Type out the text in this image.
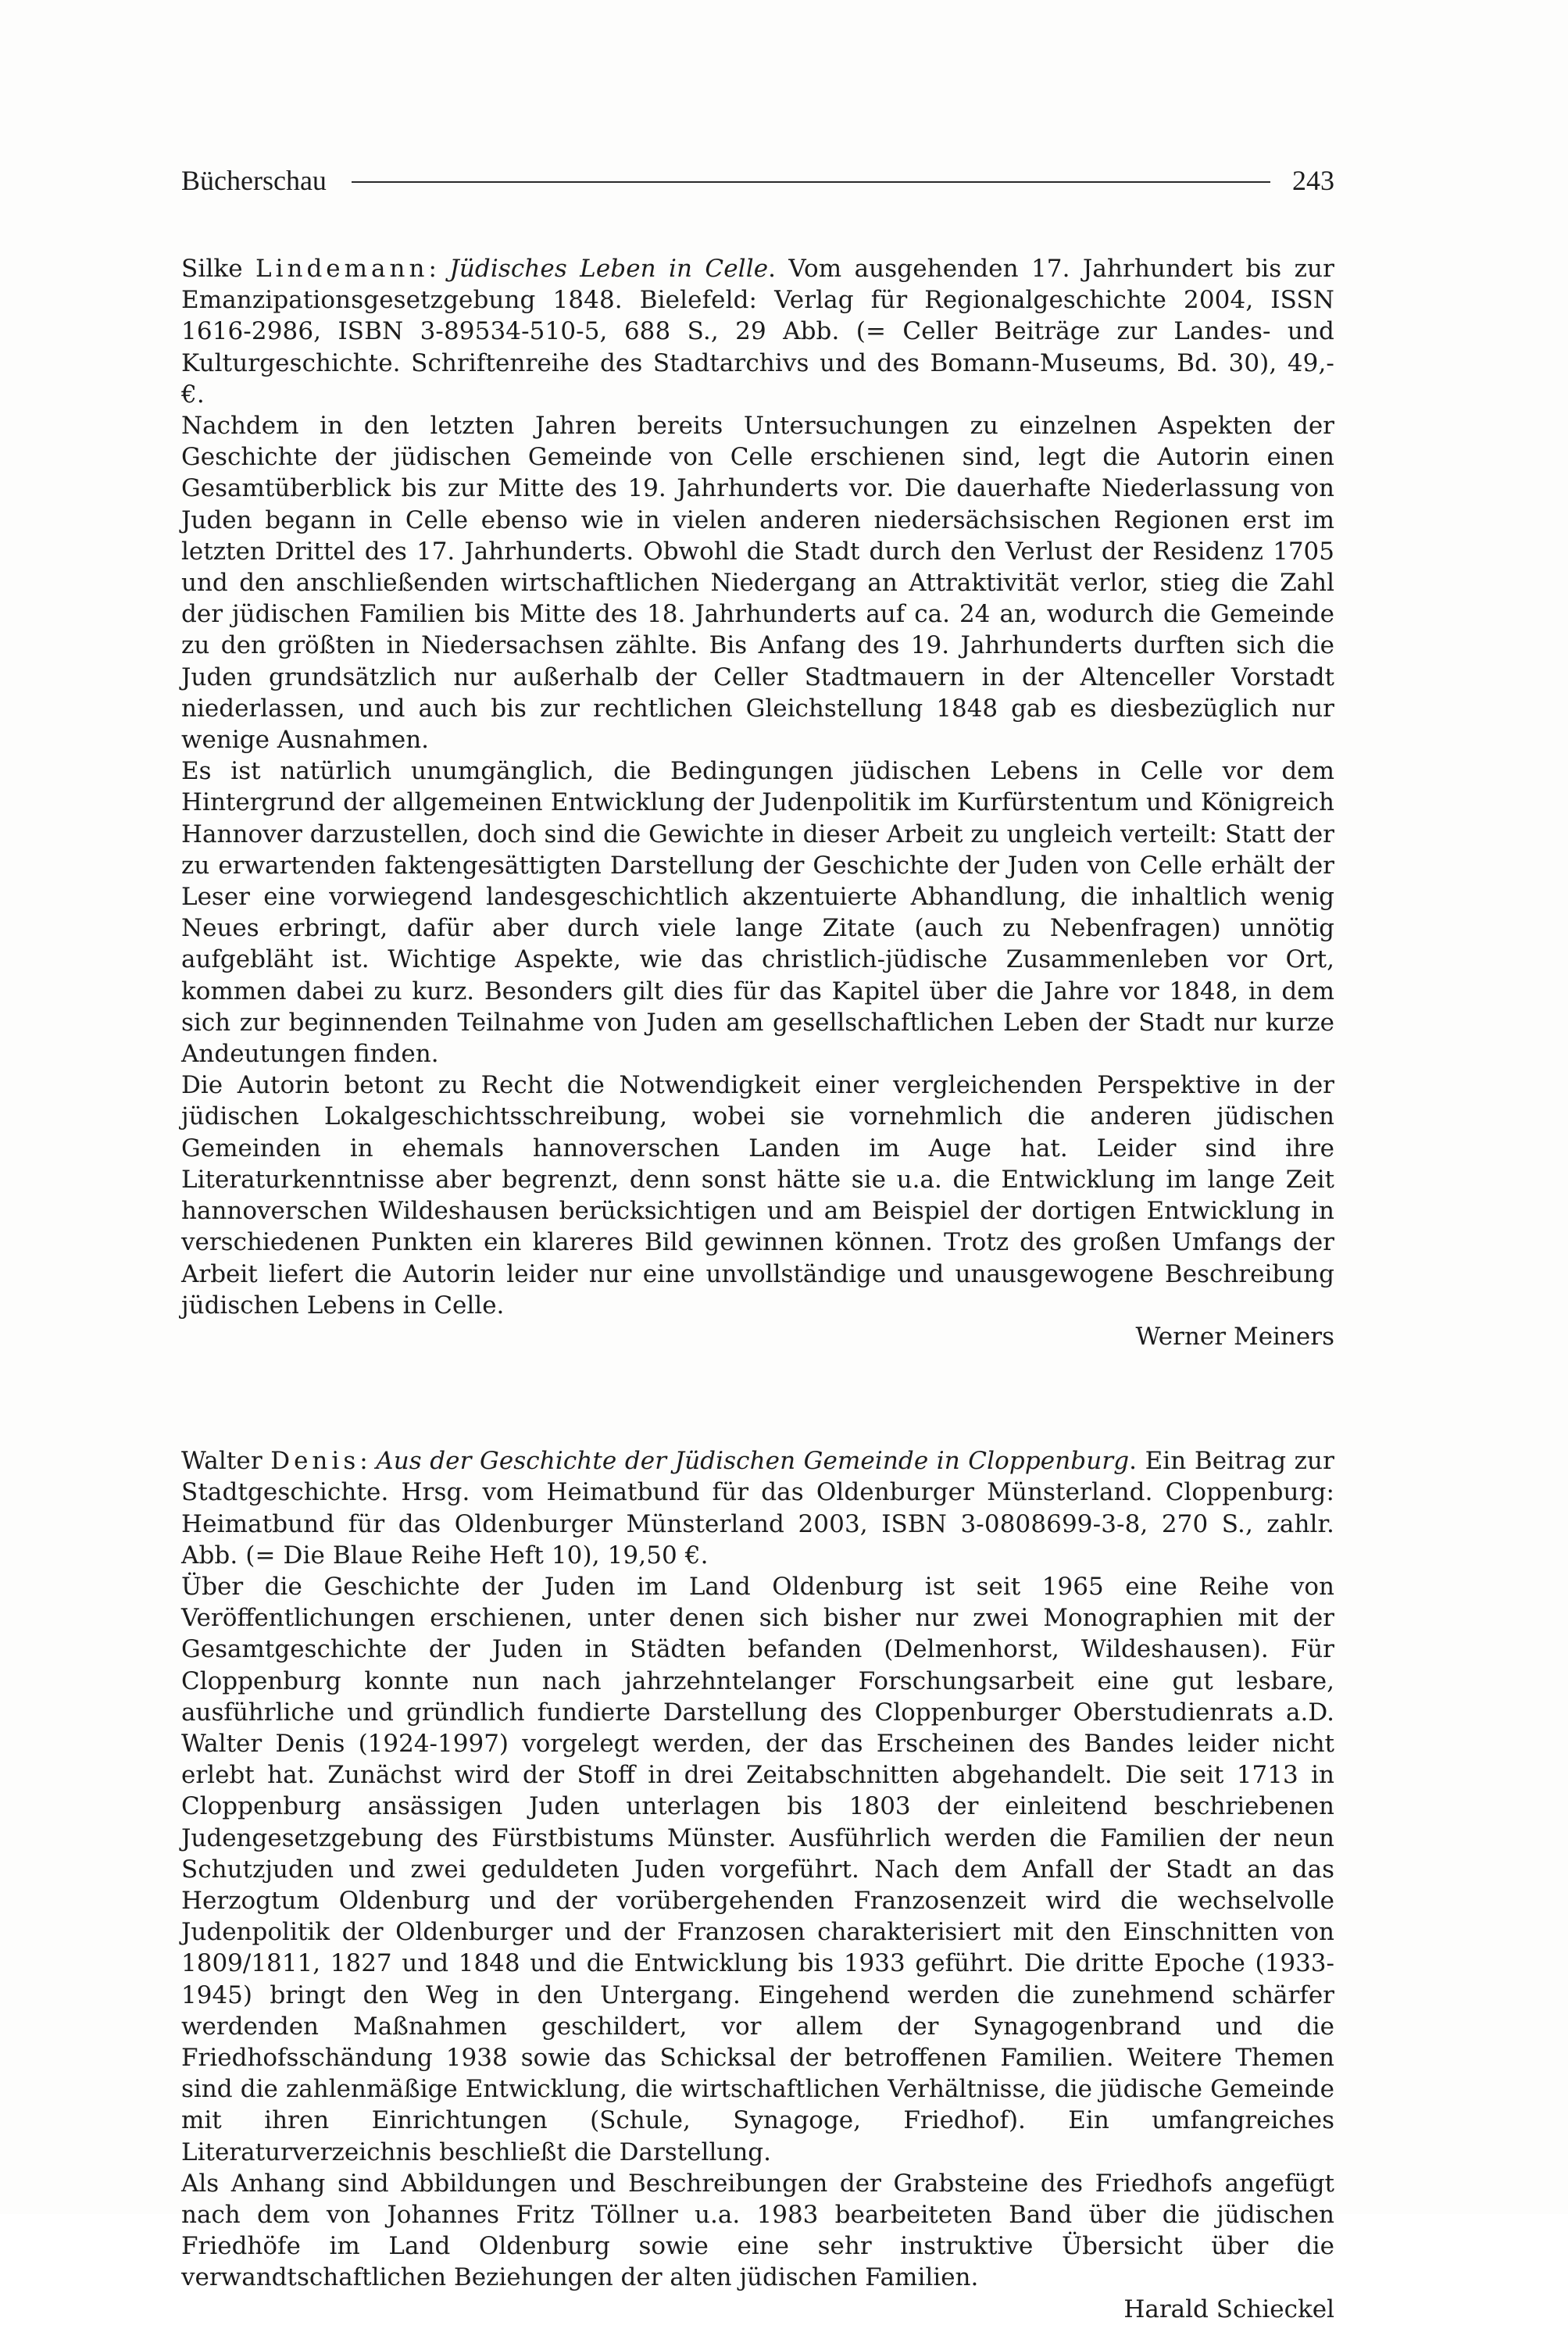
Bücherschau	243

Silke Lindemann: Jüdisches Leben in Celle. Vom ausgehenden 17. Jahrhundert bis zur Emanzipationsgesetzgebung 1848. Bielefeld: Verlag für Regionalgeschichte 2004, ISSN 1616-2986, ISBN 3-89534-510-5, 688 S., 29 Abb. (= Celler Beiträge zur Landes- und Kulturgeschichte. Schriftenreihe des Stadtarchivs und des Bomann-Museums, Bd. 30), 49,- €.

Nachdem in den letzten Jahren bereits Untersuchungen zu einzelnen Aspekten der Geschichte der jüdischen Gemeinde von Celle erschienen sind, legt die Autorin einen Gesamtüberblick bis zur Mitte des 19. Jahrhunderts vor. Die dauerhafte Niederlassung von Juden begann in Celle ebenso wie in vielen anderen niedersächsischen Regionen erst im letzten Drittel des 17. Jahrhunderts. Obwohl die Stadt durch den Verlust der Residenz 1705 und den anschließenden wirtschaftlichen Niedergang an Attraktivität verlor, stieg die Zahl der jüdischen Familien bis Mitte des 18. Jahrhunderts auf ca. 24 an, wodurch die Gemeinde zu den größten in Niedersachsen zählte. Bis Anfang des 19. Jahrhunderts durften sich die Juden grundsätzlich nur außerhalb der Celler Stadtmauern in der Altenceller Vorstadt niederlassen, und auch bis zur rechtlichen Gleichstellung 1848 gab es diesbezüglich nur wenige Ausnahmen.

Es ist natürlich unumgänglich, die Bedingungen jüdischen Lebens in Celle vor dem Hintergrund der allgemeinen Entwicklung der Judenpolitik im Kurfürstentum und Königreich Hannover darzustellen, doch sind die Gewichte in dieser Arbeit zu ungleich verteilt: Statt der zu erwartenden faktengesättigten Darstellung der Geschichte der Juden von Celle erhält der Leser eine vorwiegend landesgeschichtlich akzentuierte Abhandlung, die inhaltlich wenig Neues erbringt, dafür aber durch viele lange Zitate (auch zu Nebenfragen) unnötig aufgebläht ist. Wichtige Aspekte, wie das christlich-jüdische Zusammenleben vor Ort, kommen dabei zu kurz. Besonders gilt dies für das Kapitel über die Jahre vor 1848, in dem sich zur beginnenden Teilnahme von Juden am gesellschaftlichen Leben der Stadt nur kurze Andeutungen finden.

Die Autorin betont zu Recht die Notwendigkeit einer vergleichenden Perspektive in der jüdischen Lokalgeschichtsschreibung, wobei sie vornehmlich die anderen jüdischen Gemeinden in ehemals hannoverschen Landen im Auge hat. Leider sind ihre Literaturkenntnisse aber begrenzt, denn sonst hätte sie u.a. die Entwicklung im lange Zeit hannoverschen Wildeshausen berücksichtigen und am Beispiel der dortigen Entwicklung in verschiedenen Punkten ein klareres Bild gewinnen können. Trotz des großen Umfangs der Arbeit liefert die Autorin leider nur eine unvollständige und unausgewogene Beschreibung jüdischen Lebens in Celle.

Werner Meiners

Walter Denis: Aus der Geschichte der Jüdischen Gemeinde in Cloppenburg. Ein Beitrag zur Stadtgeschichte. Hrsg. vom Heimatbund für das Oldenburger Münsterland. Cloppenburg: Heimatbund für das Oldenburger Münsterland 2003, ISBN 3-0808699-3-8, 270 S., zahlr. Abb. (= Die Blaue Reihe Heft 10), 19,50 €.

Über die Geschichte der Juden im Land Oldenburg ist seit 1965 eine Reihe von Veröffentlichungen erschienen, unter denen sich bisher nur zwei Monographien mit der Gesamtgeschichte der Juden in Städten befanden (Delmenhorst, Wildeshausen). Für Cloppenburg konnte nun nach jahrzehntelanger Forschungsarbeit eine gut lesbare, ausführliche und gründlich fundierte Darstellung des Cloppenburger Oberstudienrats a.D. Walter Denis (1924-1997) vorgelegt werden, der das Erscheinen des Bandes leider nicht erlebt hat. Zunächst wird der Stoff in drei Zeitabschnitten abgehandelt. Die seit 1713 in Cloppenburg ansässigen Juden unterlagen bis 1803 der einleitend beschriebenen Judengesetzgebung des Fürstbistums Münster. Ausführlich werden die Familien der neun Schutzjuden und zwei geduldeten Juden vorgeführt. Nach dem Anfall der Stadt an das Herzogtum Oldenburg und der vorübergehenden Franzosenzeit wird die wechselvolle Judenpolitik der Oldenburger und der Franzosen charakterisiert mit den Einschnitten von 1809/1811, 1827 und 1848 und die Entwicklung bis 1933 geführt. Die dritte Epoche (1933-1945) bringt den Weg in den Untergang. Eingehend werden die zunehmend schärfer werdenden Maßnahmen geschildert, vor allem der Synagogenbrand und die Friedhofsschändung 1938 sowie das Schicksal der betroffenen Familien. Weitere Themen sind die zahlenmäßige Entwicklung, die wirtschaftlichen Verhältnisse, die jüdische Gemeinde mit ihren Einrichtungen (Schule, Synagoge, Friedhof). Ein umfangreiches Literaturverzeichnis beschließt die Darstellung.

Als Anhang sind Abbildungen und Beschreibungen der Grabsteine des Friedhofs angefügt nach dem von Johannes Fritz Töllner u.a. 1983 bearbeiteten Band über die jüdischen Friedhöfe im Land Oldenburg sowie eine sehr instruktive Übersicht über die verwandtschaftlichen Beziehungen der alten jüdischen Familien.

Harald Schieckel
